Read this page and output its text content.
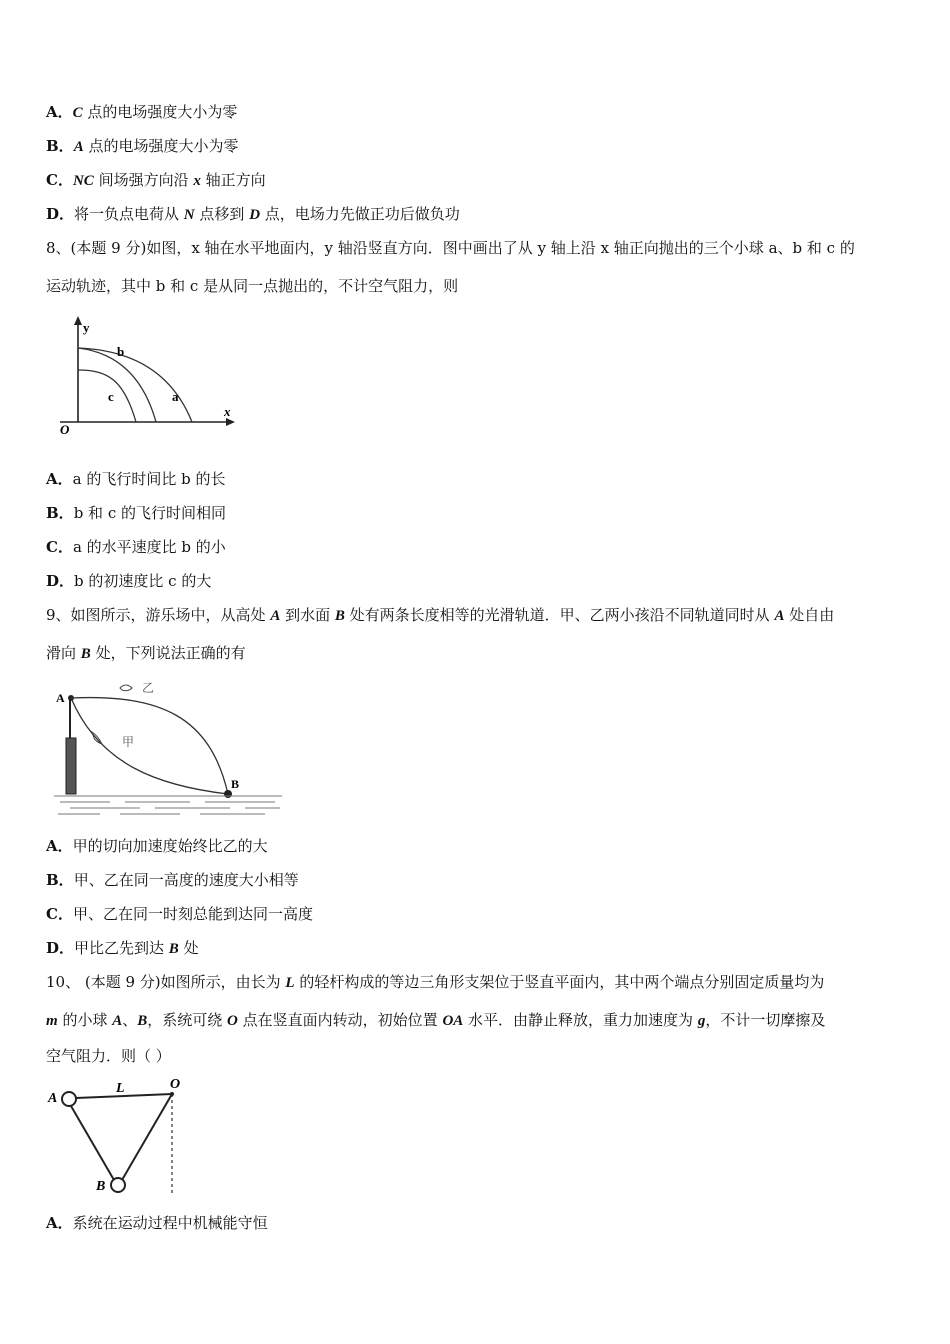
A．C 点的电场强度大小为零
B．A 点的电场强度大小为零
C．NC 间场强方向沿 x 轴正方向
D．将一负点电荷从 N 点移到 D 点，电场力先做正功后做负功
8、(本题 9 分)如图，x 轴在水平地面内，y 轴沿竖直方向．图中画出了从 y 轴上沿 x 轴正向抛出的三个小球 a、b 和 c 的
运动轨迹，其中 b 和 c 是从同一点抛出的，不计空气阻力，则
y
x
O
b
c	a
A．a 的飞行时间比 b 的长
B．b 和 c 的飞行时间相同
C．a 的水平速度比 b 的小
D．b 的初速度比 c 的大
9、如图所示，游乐场中，从高处 A 到水面 B 处有两条长度相等的光滑轨道．甲、乙两小孩沿不同轨道同时从 A 处自由
滑向 B 处，下列说法正确的有
乙
甲
A
B
A．甲的切向加速度始终比乙的大
B．甲、乙在同一高度的速度大小相等
C．甲、乙在同一时刻总能到达同一高度
D．甲比乙先到达 B 处
10、 (本题 9 分)如图所示，由长为 L 的轻杆构成的等边三角形支架位于竖直平面内，其中两个端点分别固定质量均为
m 的小球 A、B，系统可绕 O 点在竖直面内转动，初始位置 OA 水平．由静止释放，重力加速度为 g，不计一切摩擦及
空气阻力．则（ ）
A
L	O
B
A．系统在运动过程中机械能守恒
